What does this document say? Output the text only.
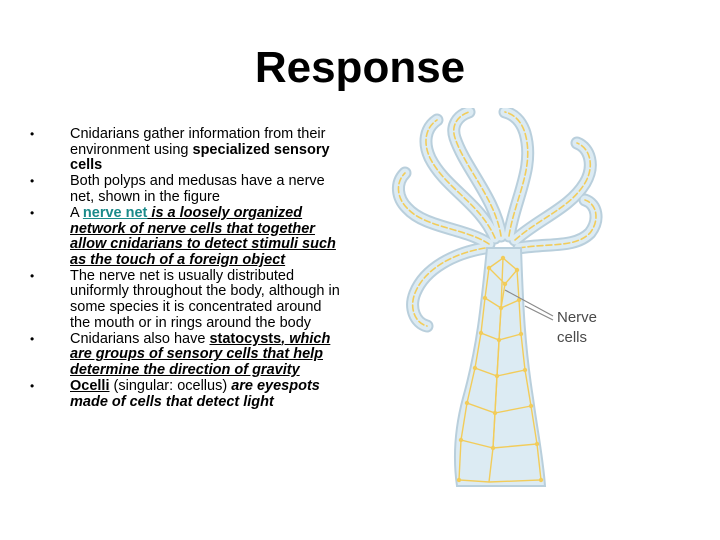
Response
• Cnidarians gather information from their environment using specialized sensory cells
• Both polyps and medusas have a nerve net, shown in the figure
• A nerve net is a loosely organized network of nerve cells that together allow cnidarians to detect stimuli such as the touch of a foreign object
• The nerve net is usually distributed uniformly throughout the body, although in some species it is concentrated around the mouth or in rings around the body
• Cnidarians also have statocysts, which are groups of sensory cells that help determine the direction of gravity
• Ocelli (singular: ocellus) are eyespots made of cells that detect light
Nerve
cells
